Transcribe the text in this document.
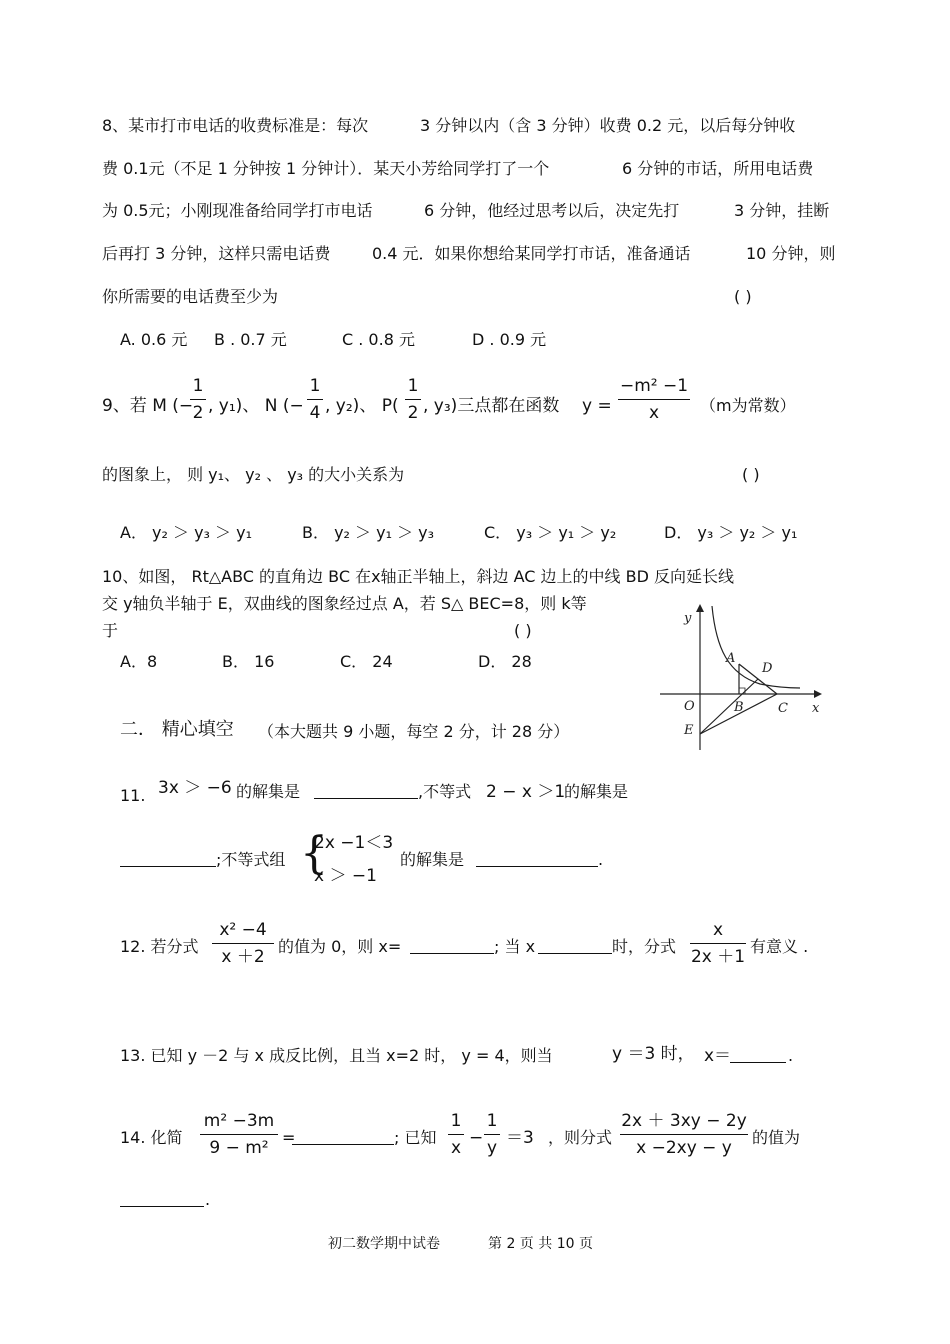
8、某市打市电话的收费标准是：每次	3 分钟以内（含 3 分钟）收费 0.2 元，以后每分钟收
费 0.1元（不足 1 分钟按 1 分钟计）．某天小芳给同学打了一个	6 分钟的市话，所用电话费
为 0.5元；小刚现准备给同学打市电话	6 分钟，他经过思考以后，决定先打	3 分钟，挂断
后再打 3 分钟，这样只需电话费	0.4 元．如果你想给某同学打市话，准备通话	10 分钟，则
你所需要的电话费至少为	( )
A. 0.6 元 B . 0.7 元	C . 0.8 元	D . 0.9 元
9、若 M (−
1
2 , y₁)、 N (−
1
4 , y₂)、 P(
1
2 , y₃)三点都在函数 y =
−m² −1
x	（m为常数）
的图象上， 则 y₁、 y₂ 、 y₃ 的大小关系为	( )
A． y₂ ＞ y₃ ＞ y₁	B． y₂ ＞ y₁ ＞ y₃	C． y₃ ＞ y₁ ＞ y₂	D． y₃ ＞ y₂ ＞ y₁
10、如图， Rt△ABC 的直角边 BC 在x轴正半轴上，斜边 AC 边上的中线 BD 反向延长线
交 y轴负半轴于 E，双曲线的图象经过点 A，若 S△ BEC=8，则 k等
于	( )
A．8	B． 16	C． 24	D． 28
y
x
O
A
B	C
D
E
二． 精心填空 （本大题共 9 小题，每空 2 分，计 28 分）
11. 3x ＞ −6 的解集是	,不等式 2 − x ＞1
的解集是
;不等式组 {
2x −1＜3
x ＞ −1
的解集是	.
12. 若分式
x² −4
x ＋2
的值为 0，则 x=	; 当 x	时，分式
x
2x ＋1
有意义 .
13. 已知 y －2 与 x 成反比例，且当 x=2 时， y = 4，则当	y ＝3 时， x＝	.
14. 化简
m² −3m
9 − m²
=	; 已知
1
x −
1
y ＝3 ，则分式
2x ＋ 3xy − 2y
x −2xy − y
的值为
.
初二数学期中试卷	第 2 页 共 10 页
